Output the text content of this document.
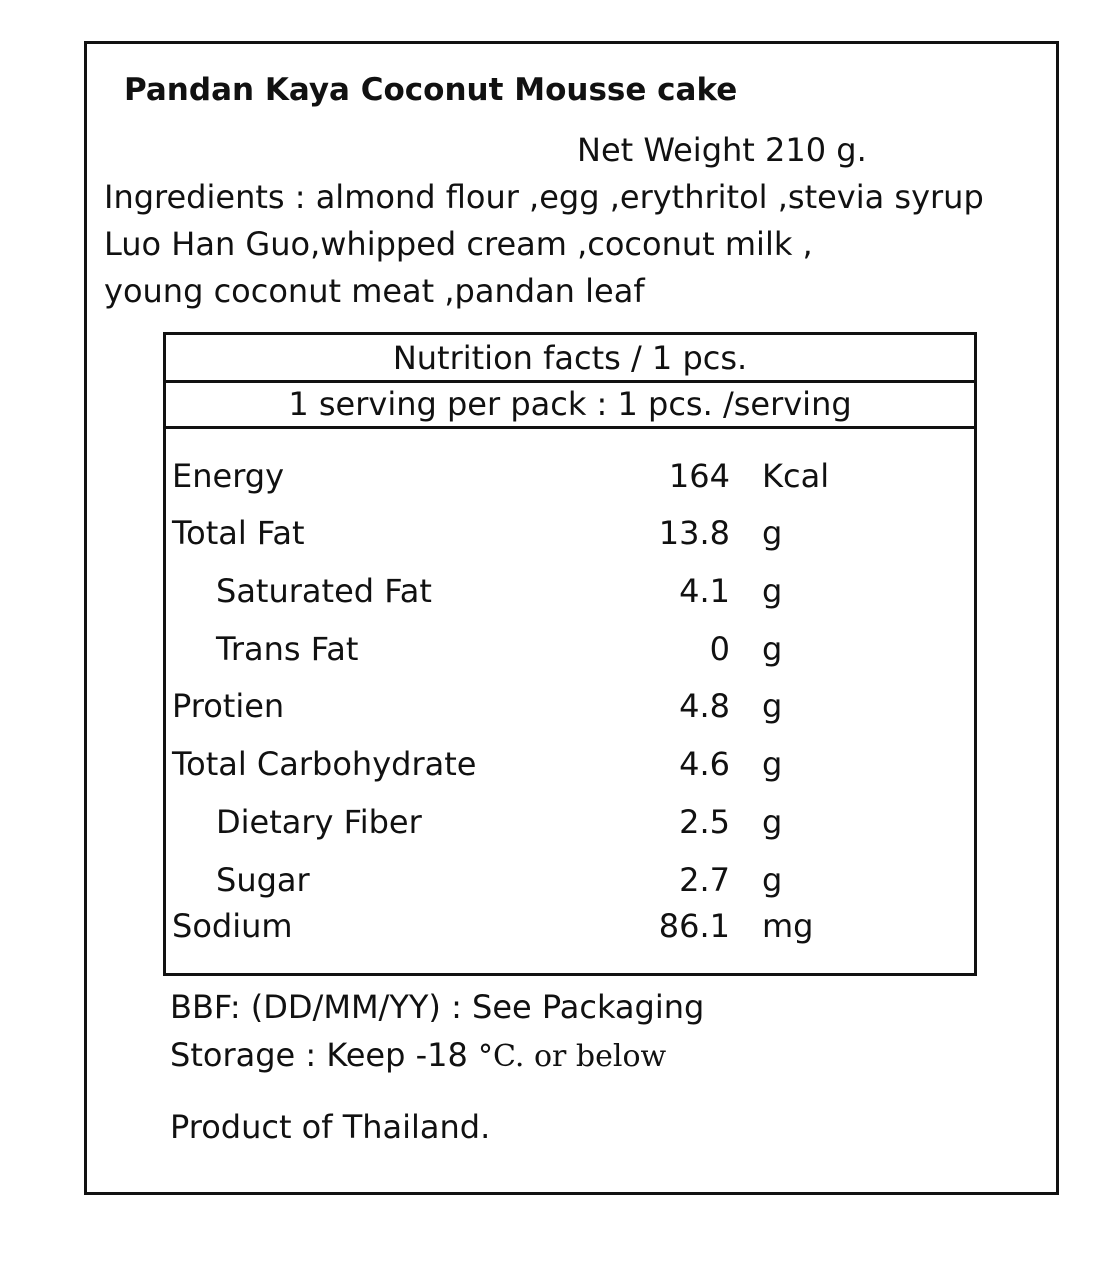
Pandan Kaya Coconut Mousse cake
Net Weight 210 g.
Ingredients : almond flour ,egg ,erythritol ,stevia syrup
Luo Han Guo,whipped cream ,coconut milk ,
young coconut meat ,pandan leaf
Nutrition facts / 1 pcs.
1 serving per pack : 1 pcs. /serving
Energy	164 Kcal
Total Fat	13.8 g
Saturated Fat	4.1 g
Trans Fat	0 g
Protien	4.8 g
Total Carbohydrate	4.6 g
Dietary Fiber	2.5 g
Sugar	2.7 g
Sodium	86.1 mg
BBF: (DD/MM/YY) : See Packaging
Storage : Keep -18 °C. or below
Product of Thailand.
